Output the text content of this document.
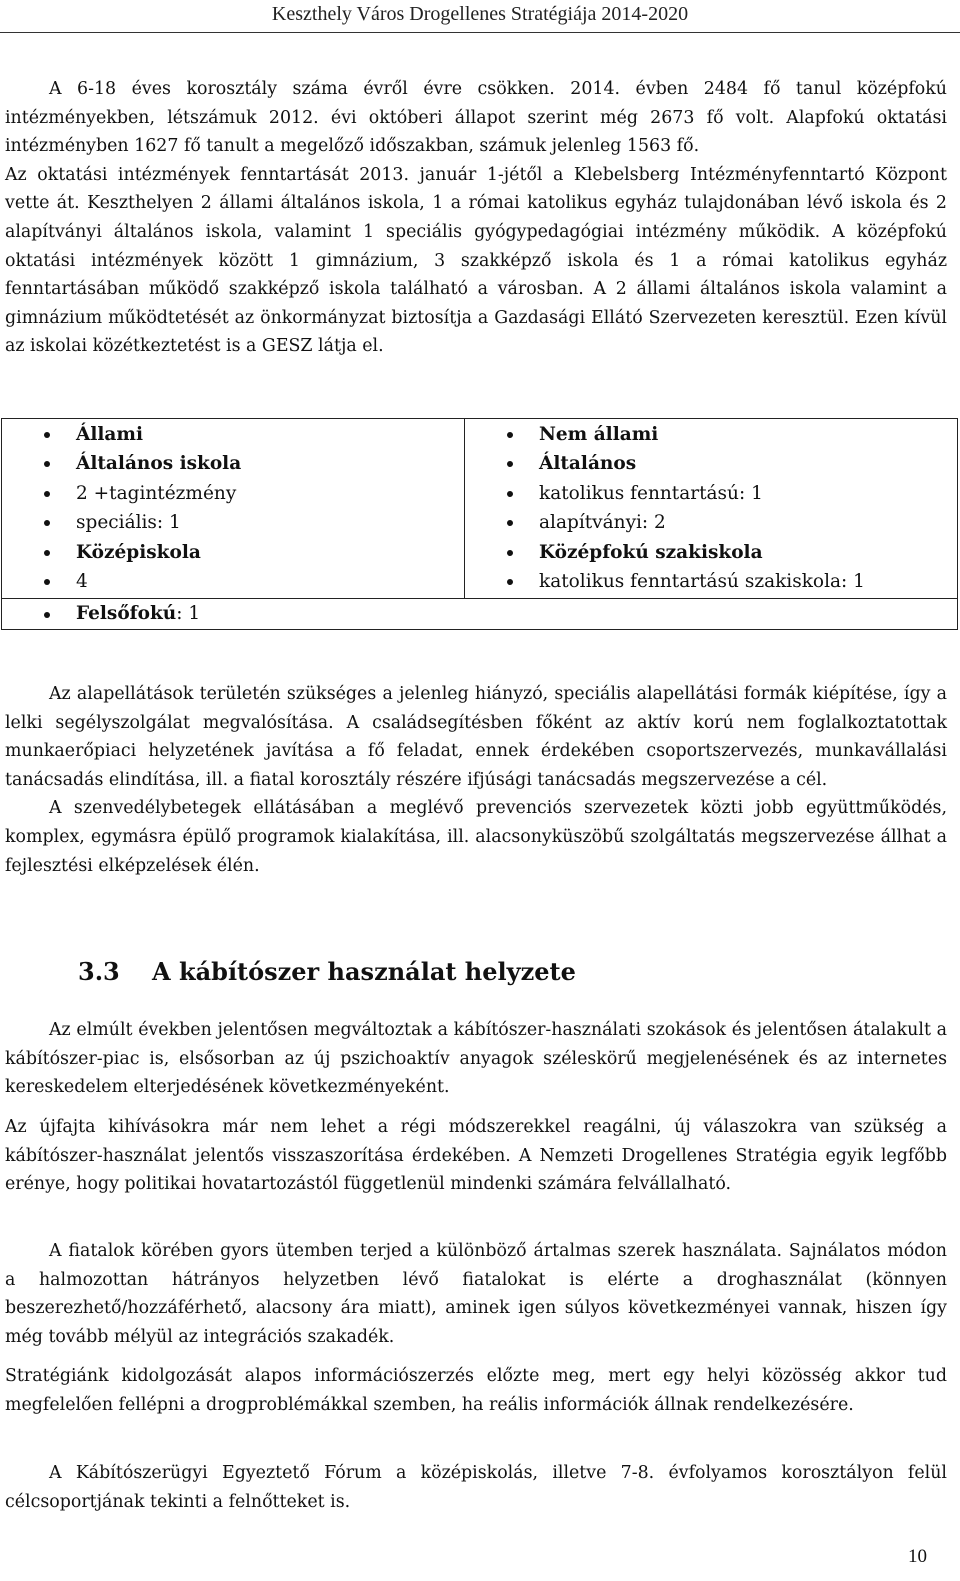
Keszthely Város Drogellenes Stratégiája 2014-2020

A 6-18 éves korosztály száma évről évre csökken. 2014. évben 2484 fő tanul középfokú intézményekben, létszámuk 2012. évi októberi állapot szerint még 2673 fő volt. Alapfokú oktatási intézményben 1627 fő tanult a megelőző időszakban, számuk jelenleg 1563 fő.

Az oktatási intézmények fenntartását 2013. január 1-jétől a Klebelsberg Intézményfenntartó Központ vette át. Keszthelyen 2 állami általános iskola, 1 a római katolikus egyház tulajdonában lévő iskola és 2 alapítványi általános iskola, valamint 1 speciális gyógypedagógiai intézmény működik. A középfokú oktatási intézmények között 1 gimnázium, 3 szakképző iskola és 1 a római katolikus egyház fenntartásában működő szakképző iskola található a városban. A 2 állami általános iskola valamint a gimnázium működtetését az önkormányzat biztosítja a Gazdasági Ellátó Szervezeten keresztül. Ezen kívül az iskolai közétkeztetést is a GESZ látja el.

Állami
Általános iskola
2 +tagintézmény
speciális: 1
Középiskola
4

Nem állami
Általános
katolikus fenntartású: 1
alapítványi: 2
Középfokú szakiskola
katolikus fenntartású szakiskola: 1

Felsőfokú: 1

Az alapellátások területén szükséges a jelenleg hiányzó, speciális alapellátási formák kiépítése, így a lelki segélyszolgálat megvalósítása. A családsegítésben főként az aktív korú nem foglalkoztatottak munkaerőpiaci helyzetének javítása a fő feladat, ennek érdekében csoportszervezés, munkavállalási tanácsadás elindítása, ill. a fiatal korosztály részére ifjúsági tanácsadás megszervezése a cél.

A szenvedélybetegek ellátásában a meglévő prevenciós szervezetek közti jobb együttműködés, komplex, egymásra épülő programok kialakítása, ill. alacsonyküszöbű szolgáltatás megszervezése állhat a fejlesztési elképzelések élén.

3.3 A kábítószer használat helyzete

Az elmúlt években jelentősen megváltoztak a kábítószer-használati szokások és jelentősen átalakult a kábítószer-piac is, elsősorban az új pszichoaktív anyagok széleskörű megjelenésének és az internetes kereskedelem elterjedésének következményeként.

Az újfajta kihívásokra már nem lehet a régi módszerekkel reagálni, új válaszokra van szükség a kábítószer-használat jelentős visszaszorítása érdekében. A Nemzeti Drogellenes Stratégia egyik legfőbb erénye, hogy politikai hovatartozástól függetlenül mindenki számára felvállalható.

A fiatalok körében gyors ütemben terjed a különböző ártalmas szerek használata. Sajnálatos módon a halmozottan hátrányos helyzetben lévő fiatalokat is elérte a droghasználat (könnyen beszerezhető/hozzáférhető, alacsony ára miatt), aminek igen súlyos következményei vannak, hiszen így még tovább mélyül az integrációs szakadék.

Stratégiánk kidolgozását alapos információszerzés előzte meg, mert egy helyi közösség akkor tud megfelelően fellépni a drogproblémákkal szemben, ha reális információk állnak rendelkezésére.

A Kábítószerügyi Egyeztető Fórum a középiskolás, illetve 7-8. évfolyamos korosztályon felül célcsoportjának tekinti a felnőtteket is.

10
